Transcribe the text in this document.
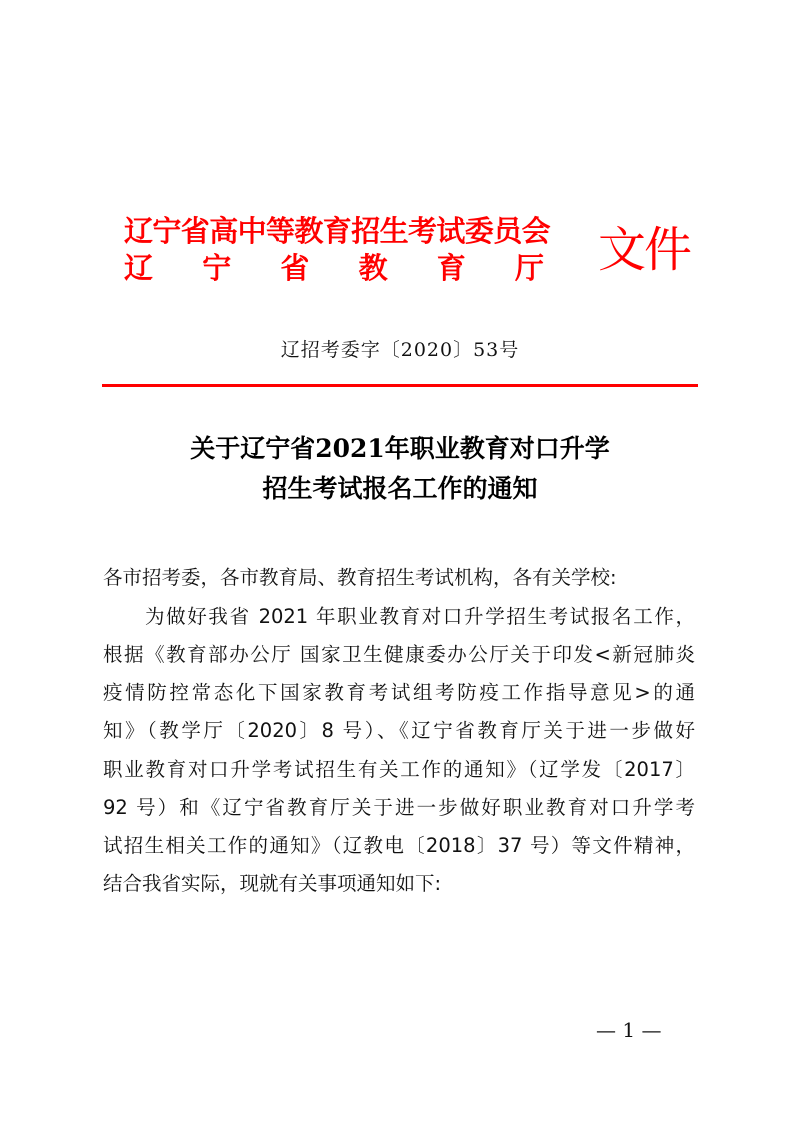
辽宁省高中等教育招生考试委员会
辽 宁 省 教 育 厅 文件
辽招考委字〔2020〕53号
关于辽宁省2021年职业教育对口升学
招生考试报名工作的通知
各市招考委，各市教育局、教育招生考试机构，各有关学校:
为做好我省 2021 年职业教育对口升学招生考试报名工作，
根据《教育部办公厅 国家卫生健康委办公厅关于印发<新冠肺炎
疫情防控常态化下国家教育考试组考防疫工作指导意见>的通
知》（教学厅〔2020〕8 号）、《辽宁省教育厅关于进一步做好
职业教育对口升学考试招生有关工作的通知》（辽学发〔2017〕
92 号）和《辽宁省教育厅关于进一步做好职业教育对口升学考
试招生相关工作的通知》（辽教电〔2018〕37 号）等文件精神，
结合我省实际，现就有关事项通知如下:
— 1 —
